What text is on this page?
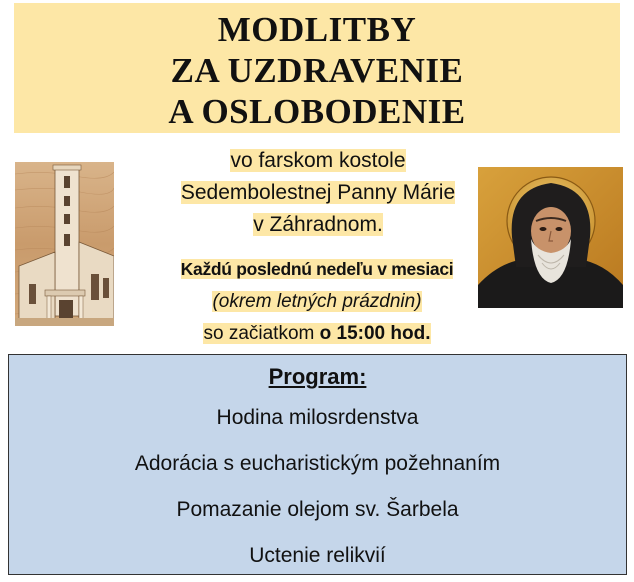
MODLITBY
ZA UZDRAVENIE
A OSLOBODENIE
vo farskom kostole
Sedembolestnej Panny Márie
v Záhradnom.
Každú poslednú nedeľu v mesiaci
(okrem letných prázdnin)
so začiatkom o 15:00 hod.
Program:
Hodina milosrdenstva
Adorácia s eucharistickým požehnaním
Pomazanie olejom sv. Šarbela
Uctenie relikvií
